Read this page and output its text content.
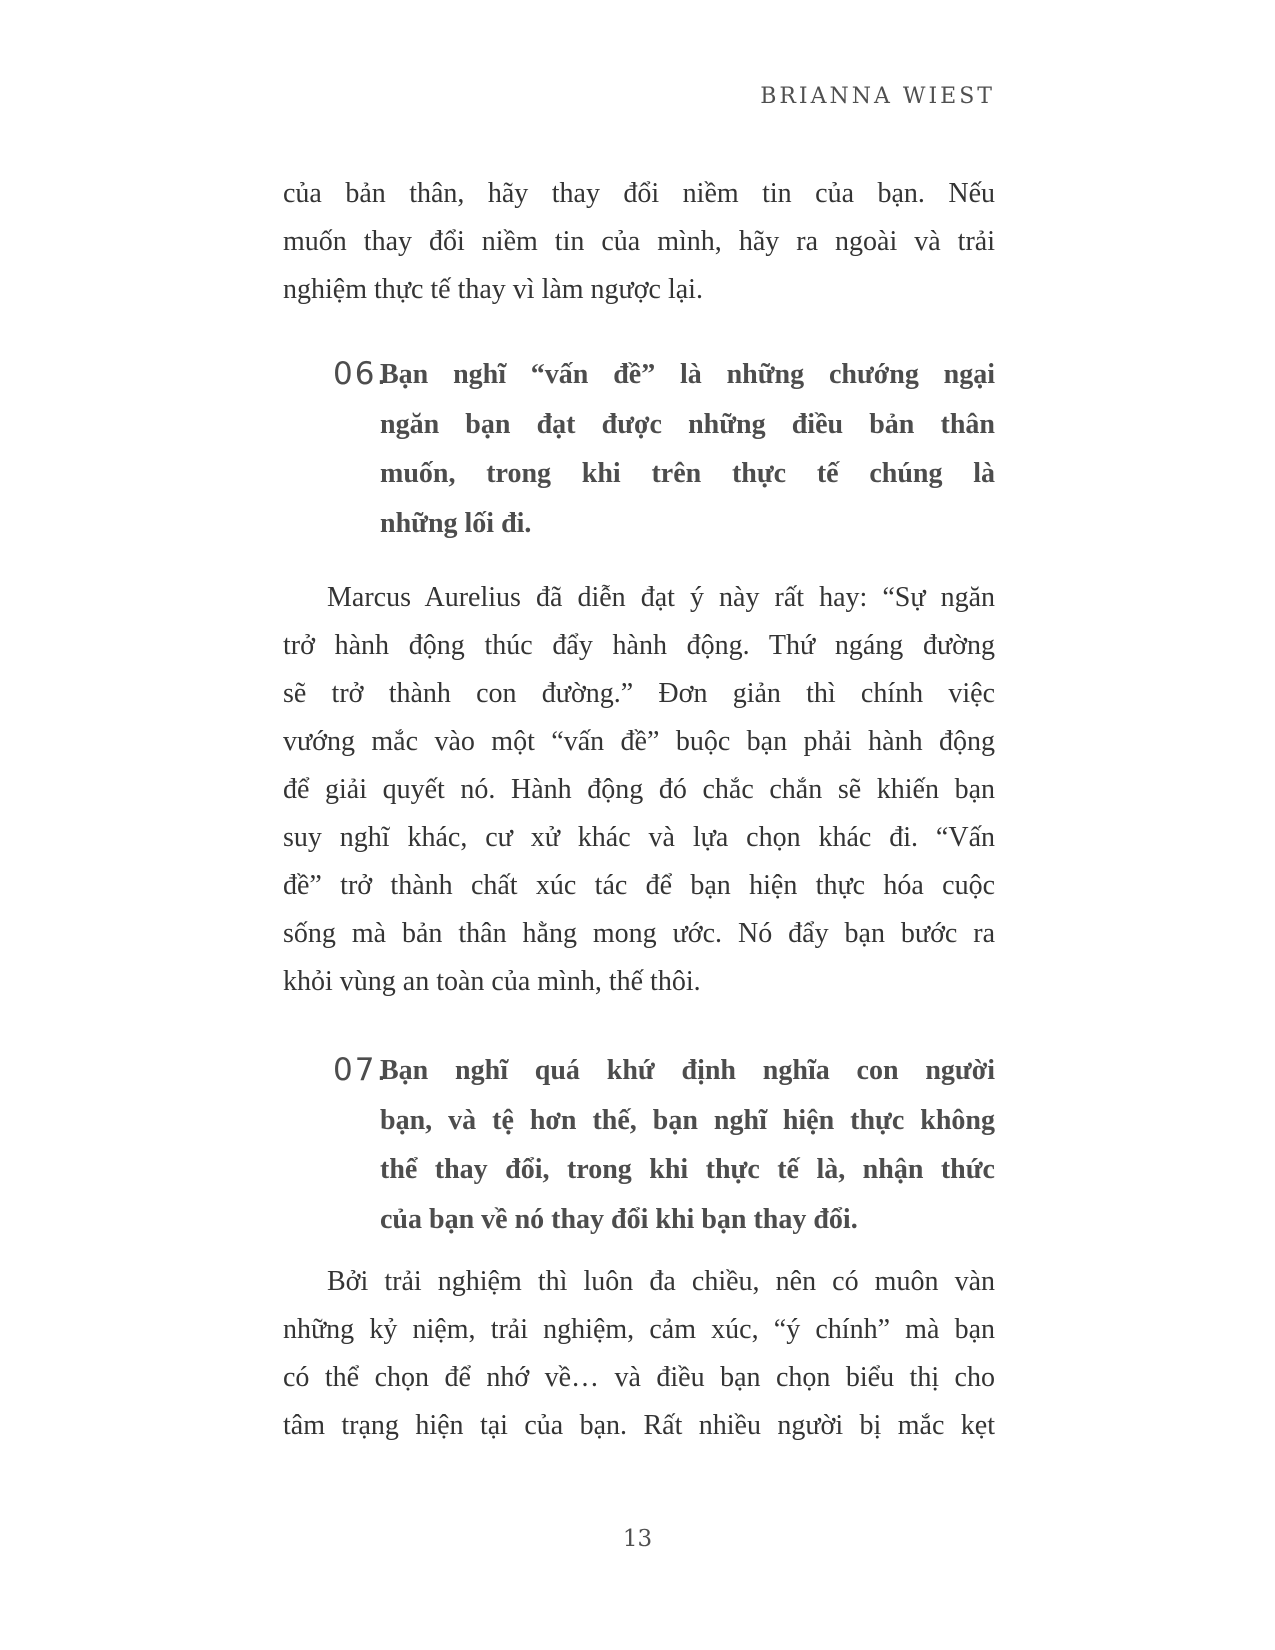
BRIANNA WIEST
của bản thân, hãy thay đổi niềm tin của bạn. Nếu
muốn thay đổi niềm tin của mình, hãy ra ngoài và trải
nghiệm thực tế thay vì làm ngược lại.
06.
Bạn nghĩ “vấn đề” là những chướng ngại
ngăn bạn đạt được những điều bản thân
muốn, trong khi trên thực tế chúng là
những lối đi.
Marcus Aurelius đã diễn đạt ý này rất hay: “Sự ngăn
trở hành động thúc đẩy hành động. Thứ ngáng đường
sẽ trở thành con đường.” Đơn giản thì chính việc
vướng mắc vào một “vấn đề” buộc bạn phải hành động
để giải quyết nó. Hành động đó chắc chắn sẽ khiến bạn
suy nghĩ khác, cư xử khác và lựa chọn khác đi. “Vấn
đề” trở thành chất xúc tác để bạn hiện thực hóa cuộc
sống mà bản thân hằng mong ước. Nó đẩy bạn bước ra
khỏi vùng an toàn của mình, thế thôi.
07.
Bạn nghĩ quá khứ định nghĩa con người
bạn, và tệ hơn thế, bạn nghĩ hiện thực không
thể thay đổi, trong khi thực tế là, nhận thức
của bạn về nó thay đổi khi bạn thay đổi.
Bởi trải nghiệm thì luôn đa chiều, nên có muôn vàn
những kỷ niệm, trải nghiệm, cảm xúc, “ý chính” mà bạn
có thể chọn để nhớ về… và điều bạn chọn biểu thị cho
tâm trạng hiện tại của bạn. Rất nhiều người bị mắc kẹt
13
